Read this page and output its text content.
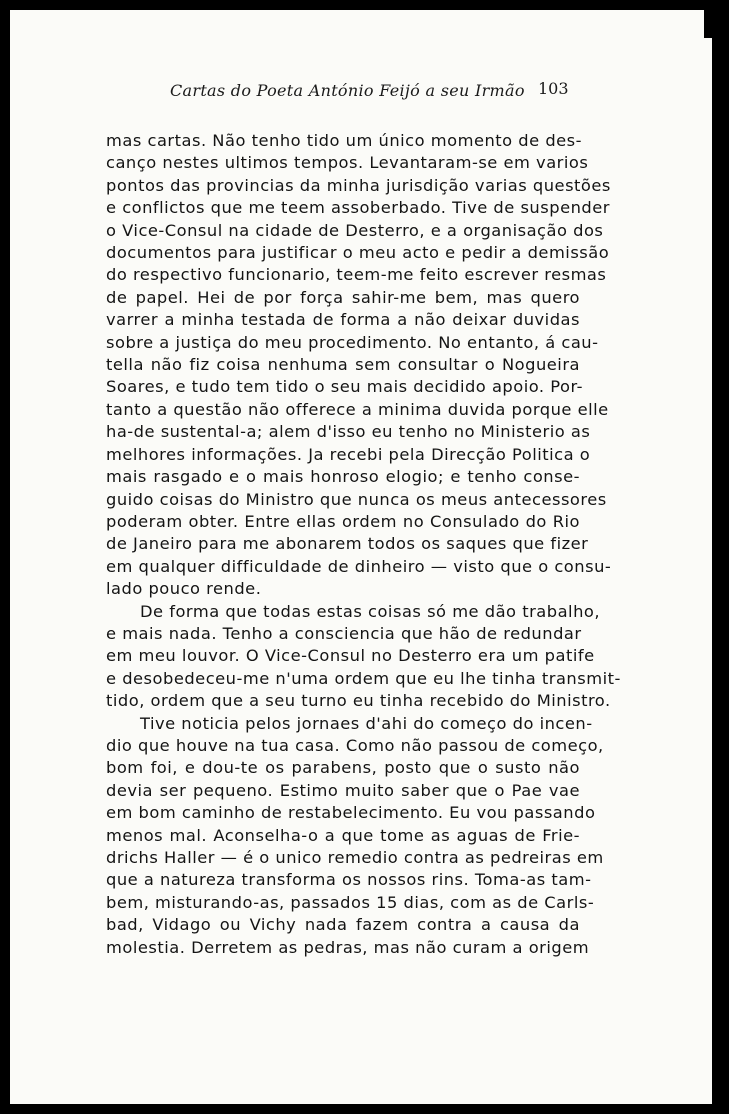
Cartas do Poeta António Feijó a seu Irmão 103
mas cartas. Não tenho tido um único momento de des-
canço nestes ultimos tempos. Levantaram-se em varios
pontos das provincias da minha jurisdição varias questões
e conflictos que me teem assoberbado. Tive de suspender
o Vice-Consul na cidade de Desterro, e a organisação dos
documentos para justificar o meu acto e pedir a demissão
do respectivo funcionario, teem-me feito escrever resmas
de papel. Hei de por força sahir-me bem, mas quero
varrer a minha testada de forma a não deixar duvidas
sobre a justiça do meu procedimento. No entanto, á cau-
tella não fiz coisa nenhuma sem consultar o Nogueira
Soares, e tudo tem tido o seu mais decidido apoio. Por-
tanto a questão não offerece a minima duvida porque elle
ha-de sustental-a; alem d'isso eu tenho no Ministerio as
melhores informações. Ja recebi pela Direcção Politica o
mais rasgado e o mais honroso elogio; e tenho conse-
guido coisas do Ministro que nunca os meus antecessores
poderam obter. Entre ellas ordem no Consulado do Rio
de Janeiro para me abonarem todos os saques que fizer
em qualquer difficuldade de dinheiro — visto que o consu-
lado pouco rende.
De forma que todas estas coisas só me dão trabalho,
e mais nada. Tenho a consciencia que hão de redundar
em meu louvor. O Vice-Consul no Desterro era um patife
e desobedeceu-me n'uma ordem que eu lhe tinha transmit-
tido, ordem que a seu turno eu tinha recebido do Ministro.
Tive noticia pelos jornaes d'ahi do começo do incen-
dio que houve na tua casa. Como não passou de começo,
bom foi, e dou-te os parabens, posto que o susto não
devia ser pequeno. Estimo muito saber que o Pae vae
em bom caminho de restabelecimento. Eu vou passando
menos mal. Aconselha-o a que tome as aguas de Frie-
drichs Haller — é o unico remedio contra as pedreiras em
que a natureza transforma os nossos rins. Toma-as tam-
bem, misturando-as, passados 15 dias, com as de Carls-
bad, Vidago ou Vichy nada fazem contra a causa da
molestia. Derretem as pedras, mas não curam a origem
